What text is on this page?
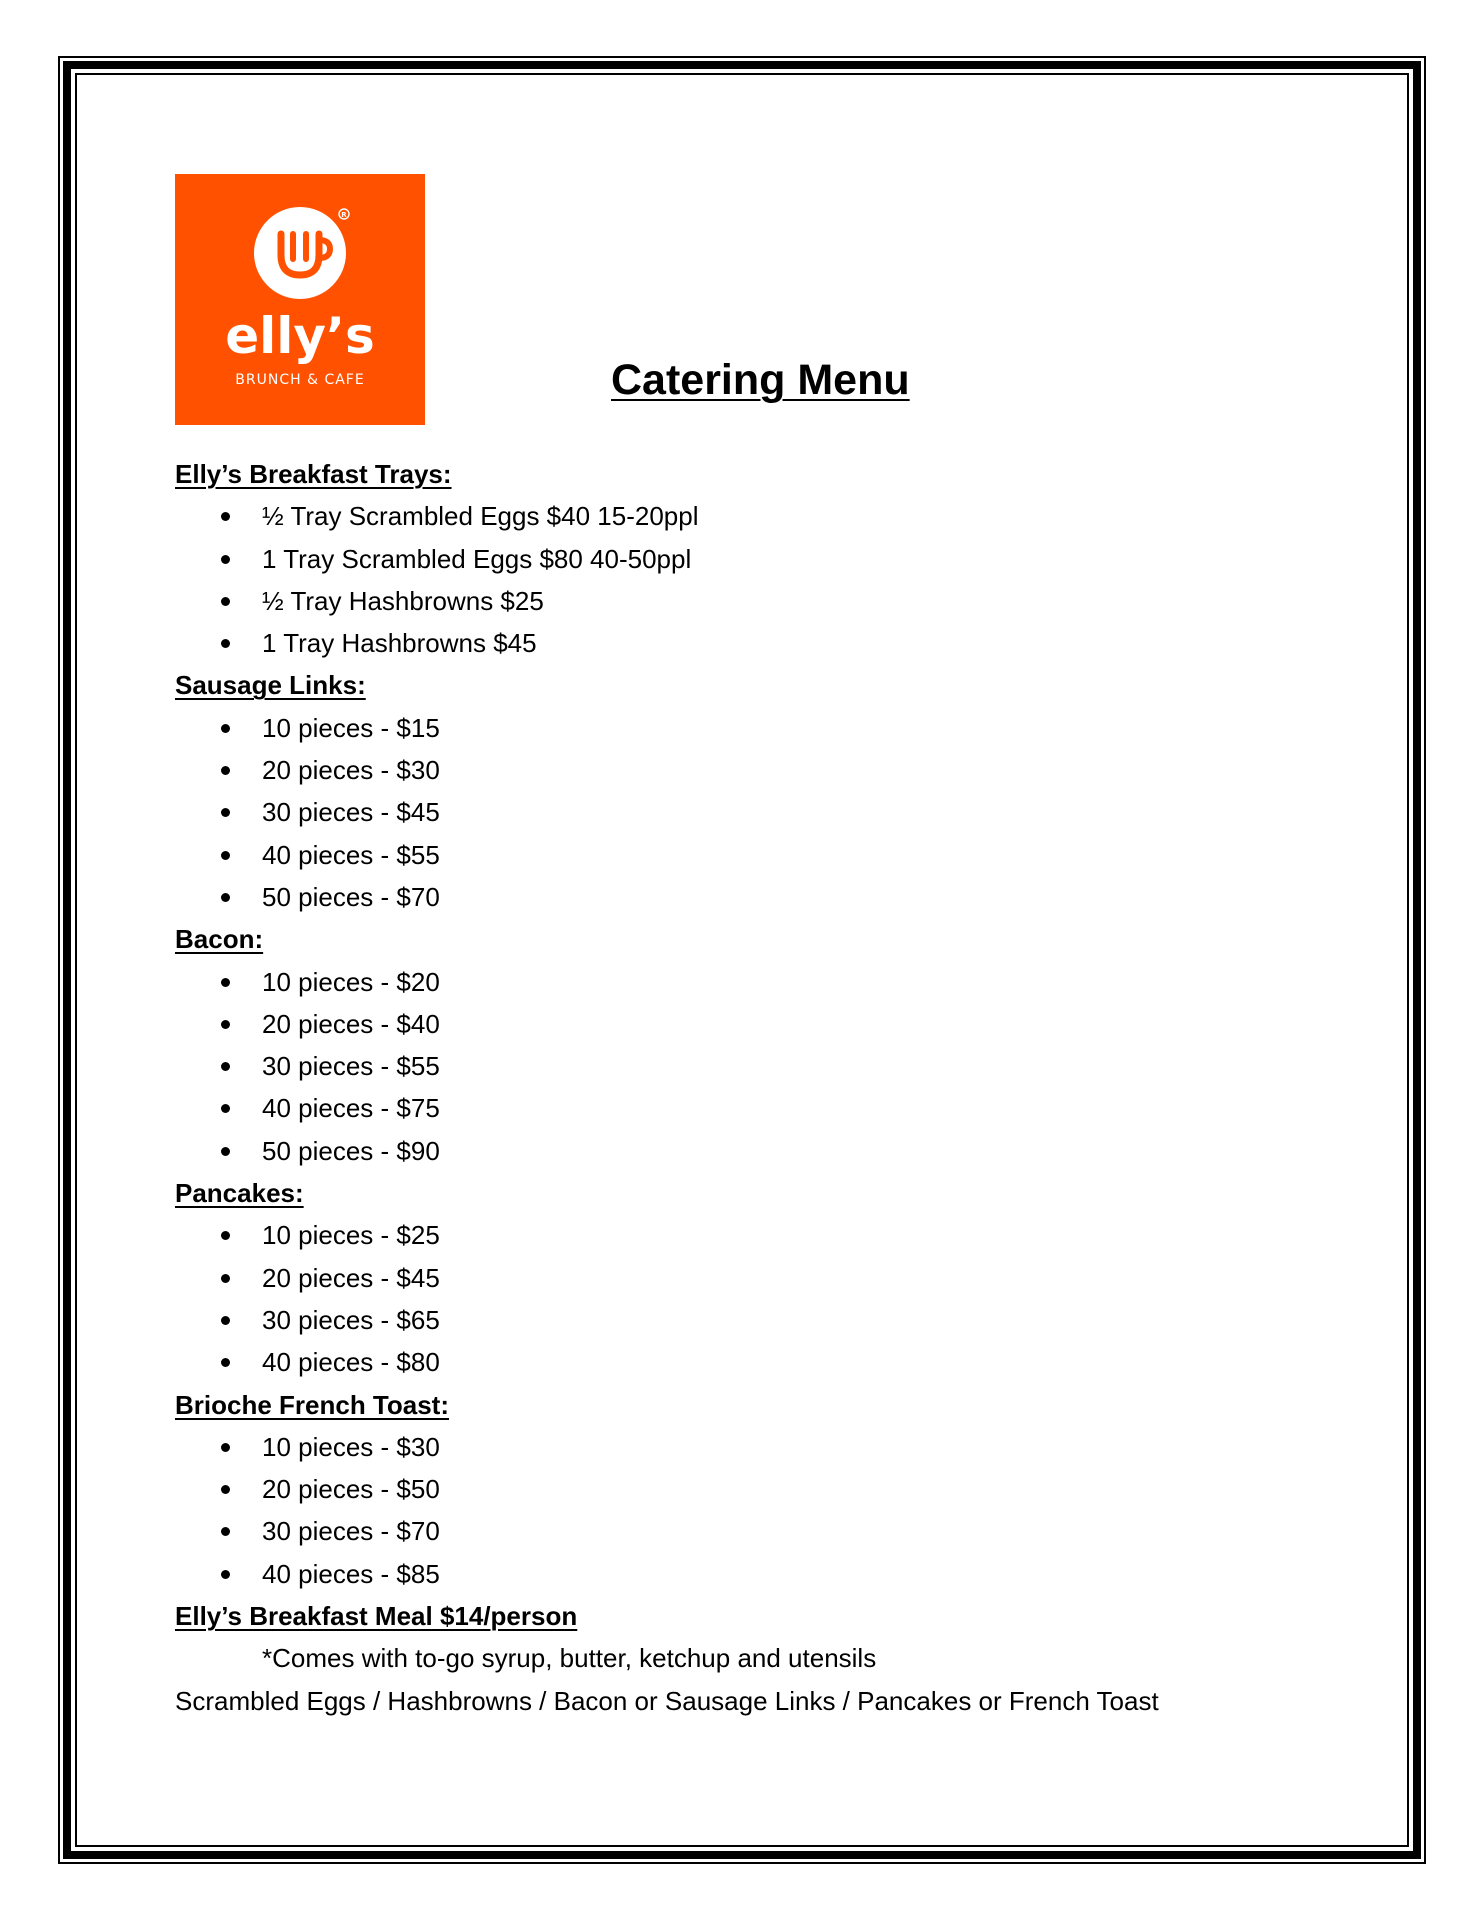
R
elly’s
BRUNCH & CAFE	Catering Menu
Elly’s Breakfast Trays:
½ Tray Scrambled Eggs $40 15-20ppl
1 Tray Scrambled Eggs $80 40-50ppl
½ Tray Hashbrowns $25
1 Tray Hashbrowns $45
Sausage Links:
10 pieces - $15
20 pieces - $30
30 pieces - $45
40 pieces - $55
50 pieces - $70
Bacon:
10 pieces - $20
20 pieces - $40
30 pieces - $55
40 pieces - $75
50 pieces - $90
Pancakes:
10 pieces - $25
20 pieces - $45
30 pieces - $65
40 pieces - $80
Brioche French Toast:
10 pieces - $30
20 pieces - $50
30 pieces - $70
40 pieces - $85
Elly’s Breakfast Meal $14/person
*Comes with to-go syrup, butter, ketchup and utensils
Scrambled Eggs / Hashbrowns / Bacon or Sausage Links / Pancakes or French Toast
